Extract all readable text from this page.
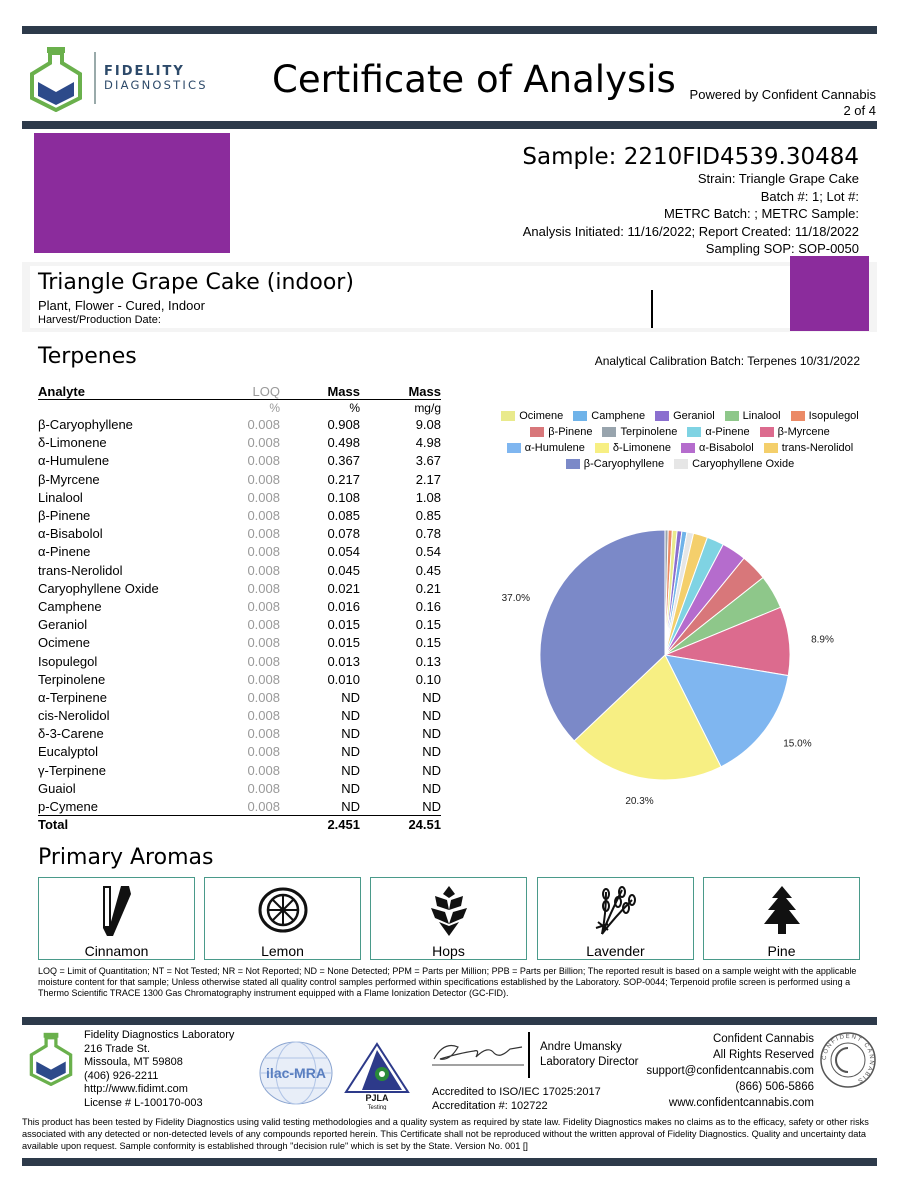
FIDELITY
DIAGNOSTICS Certificate of Analysis Powered by Confident Cannabis
2 of 4
Sample: 2210FID4539.30484
Strain: Triangle Grape Cake
Batch #: 1; Lot #:
METRC Batch: ; METRC Sample:
Analysis Initiated: 11/16/2022; Report Created: 11/18/2022
Sampling SOP: SOP-0050
Triangle Grape Cake (indoor)
Plant, Flower - Cured, Indoor
Harvest/Production Date:
Terpenes	Analytical Calibration Batch: Terpenes 10/31/2022
Analyte	LOQ	Mass	Mass
	%	%	mg/g
β-Caryophyllene	0.008	0.908	9.08
δ-Limonene	0.008	0.498	4.98
α-Humulene	0.008	0.367	3.67
β-Myrcene	0.008	0.217	2.17
Linalool	0.008	0.108	1.08
β-Pinene	0.008	0.085	0.85
α-Bisabolol	0.008	0.078	0.78
α-Pinene	0.008	0.054	0.54
trans-Nerolidol	0.008	0.045	0.45
Caryophyllene Oxide	0.008	0.021	0.21
Camphene	0.008	0.016	0.16
Geraniol	0.008	0.015	0.15
Ocimene	0.008	0.015	0.15
Isopulegol	0.008	0.013	0.13
Terpinolene	0.008	0.010	0.10
α-Terpinene	0.008	ND	ND
cis-Nerolidol	0.008	ND	ND
δ-3-Carene	0.008	ND	ND
Eucalyptol	0.008	ND	ND
γ-Terpinene	0.008	ND	ND
Guaiol	0.008	ND	ND
p-Cymene	0.008	ND	ND
Total		2.451	24.51
Ocimene	Camphene	Geraniol	Linalool	Isopulegol
β-Pinene	Terpinolene	α-Pinene	β-Myrcene
α-Humulene	δ-Limonene	α-Bisabolol	trans-Nerolidol
β-Caryophyllene	Caryophyllene Oxide
37.0%
20.3%
15.0%
8.9%
Primary Aromas
Cinnamon	Lemon	Hops	Lavender	Pine
LOQ = Limit of Quantitation; NT = Not Tested; NR = Not Reported; ND = None Detected; PPM = Parts per Million; PPB = Parts per Billion; The reported result is based on a sample weight with the applicable moisture content for that sample; Unless otherwise stated all quality control samples performed within specifications established by the Laboratory. SOP-0044; Terpenoid profile screen is performed using a Thermo Scientific TRACE 1300 Gas Chromatography instrument equipped with a Flame Ionization Detector (GC-FID).
Fidelity Diagnostics Laboratory
216 Trade St.
Missoula, MT 59808
(406) 926-2211
http://www.fidimt.com
License # L-100170-003
ilac-MRA
PJLA
Testing
Andre Umansky
Laboratory Director
Accredited to ISO/IEC 17025:2017
Accreditation #: 102722
Confident Cannabis
All Rights Reserved
support@confidentcannabis.com
(866) 506-5866
www.confidentcannabis.com
CONFIDENT CANNABIS
This product has been tested by Fidelity Diagnostics using valid testing methodologies and a quality system as required by state law. Fidelity Diagnostics makes no claims as to the efficacy, safety or other risks associated with any detected or non-detected levels of any compounds reported herein. This Certificate shall not be reproduced without the written approval of Fidelity Diagnostics. Quality and uncertainty data available upon request. Sample conformity is established through "decision rule" which is set by the State. Version No. 001 []
